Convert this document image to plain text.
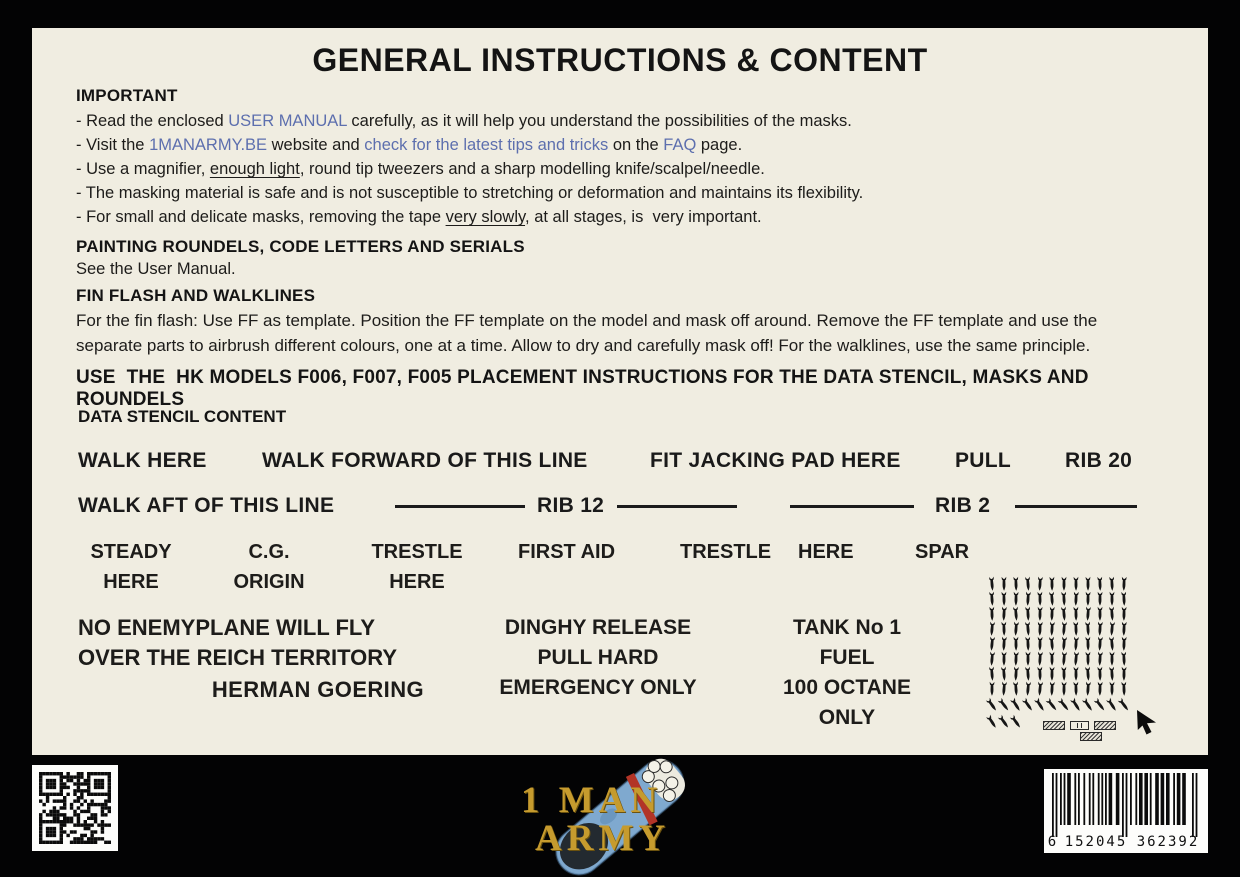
GENERAL INSTRUCTIONS & CONTENT
IMPORTANT
- Read the enclosed USER MANUAL carefully, as it will help you understand the possibilities of the masks.
- Visit the 1MANARMY.BE website and check for the latest tips and tricks on the FAQ page.
- Use a magnifier, enough light, round tip tweezers and a sharp modelling knife/scalpel/needle.
- The masking material is safe and is not susceptible to stretching or deformation and maintains its flexibility.
- For small and delicate masks, removing the tape very slowly, at all stages, is  very important.
PAINTING ROUNDELS, CODE LETTERS AND SERIALS

See the User Manual.

FIN FLASH AND WALKLINES

For the fin flash: Use FF as template. Position the FF template on the model and mask off around. Remove the FF template and use the separate parts to airbrush different colours, one at a time. Allow to dry and carefully mask off! For the walklines, use the same principle.

USE  THE  HK MODELS F006, F007, F005 PLACEMENT INSTRUCTIONS FOR THE DATA STENCIL, MASKS AND ROUNDELS

DATA STENCIL CONTENT
WALK HERE	WALK FORWARD OF THIS LINE	FIT JACKING PAD HERE	PULL	RIB 20
WALK AFT OF THIS LINE	RIB 12	RIB 2
STEADY
HERE
C.G.
ORIGIN
TRESTLE
HERE
FIRST AID	TRESTLE HERE	SPAR
NO ENEMYPLANE WILL FLY
OVER THE REICH TERRITORY
HERMAN GOERING
DINGHY RELEASE
PULL HARD
EMERGENCY ONLY
TANK No 1
FUEL
100 OCTANE
ONLY
1 MAN
ARMY	6 152045 362392
